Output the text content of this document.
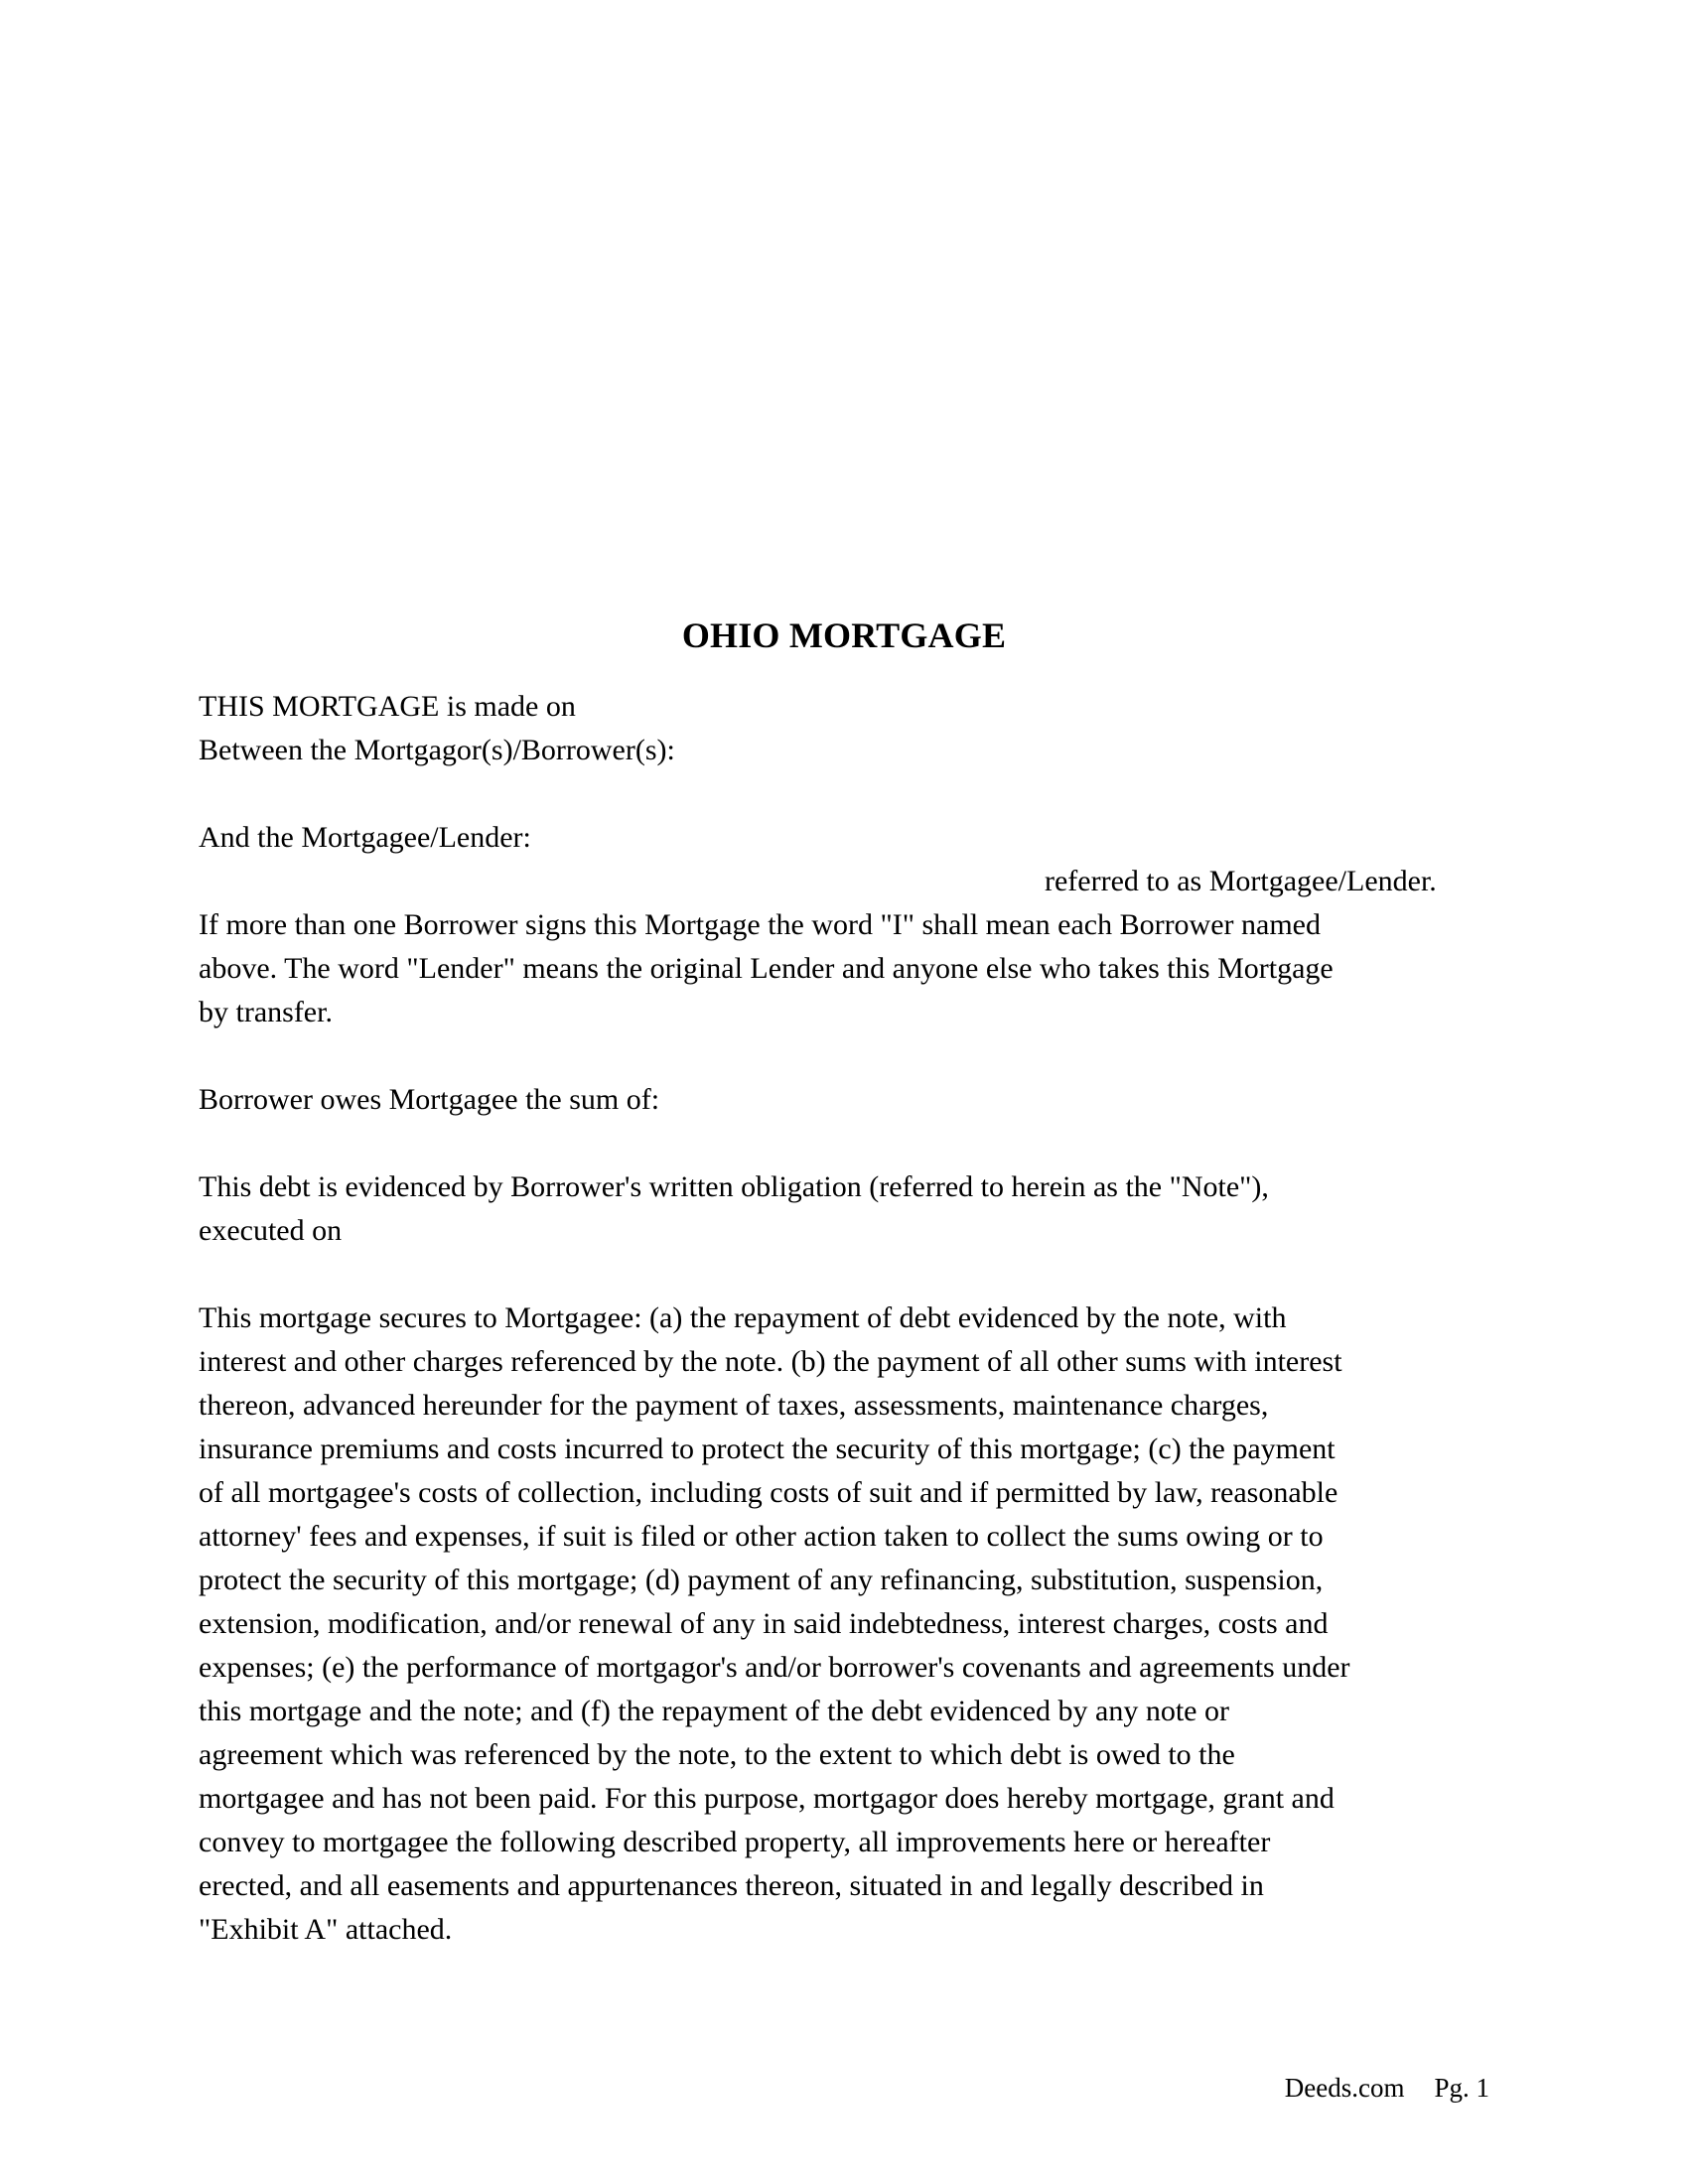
OHIO MORTGAGE
THIS MORTGAGE is made on
Between the Mortgagor(s)/Borrower(s):
And the Mortgagee/Lender:
referred to as Mortgagee/Lender.
If more than one Borrower signs this Mortgage the word "I" shall mean each Borrower named
above. The word "Lender" means the original Lender and anyone else who takes this Mortgage
by transfer.
Borrower owes Mortgagee the sum of:
This debt is evidenced by Borrower's written obligation (referred to herein as the "Note"),
executed on
This mortgage secures to Mortgagee: (a) the repayment of debt evidenced by the note, with
interest and other charges referenced by the note. (b) the payment of all other sums with interest
thereon, advanced hereunder for the payment of taxes, assessments, maintenance charges,
insurance premiums and costs incurred to protect the security of this mortgage; (c) the payment
of all mortgagee's costs of collection, including costs of suit and if permitted by law, reasonable
attorney' fees and expenses, if suit is filed or other action taken to collect the sums owing or to
protect the security of this mortgage; (d) payment of any refinancing, substitution, suspension,
extension, modification, and/or renewal of any in said indebtedness, interest charges, costs and
expenses; (e) the performance of mortgagor's and/or borrower's covenants and agreements under
this mortgage and the note; and (f) the repayment of the debt evidenced by any note or
agreement which was referenced by the note, to the extent to which debt is owed to the
mortgagee and has not been paid. For this purpose, mortgagor does hereby mortgage, grant and
convey to mortgagee the following described property, all improvements here or hereafter
erected, and all easements and appurtenances thereon, situated in and legally described in
"Exhibit A" attached.
Deeds.com Pg. 1
